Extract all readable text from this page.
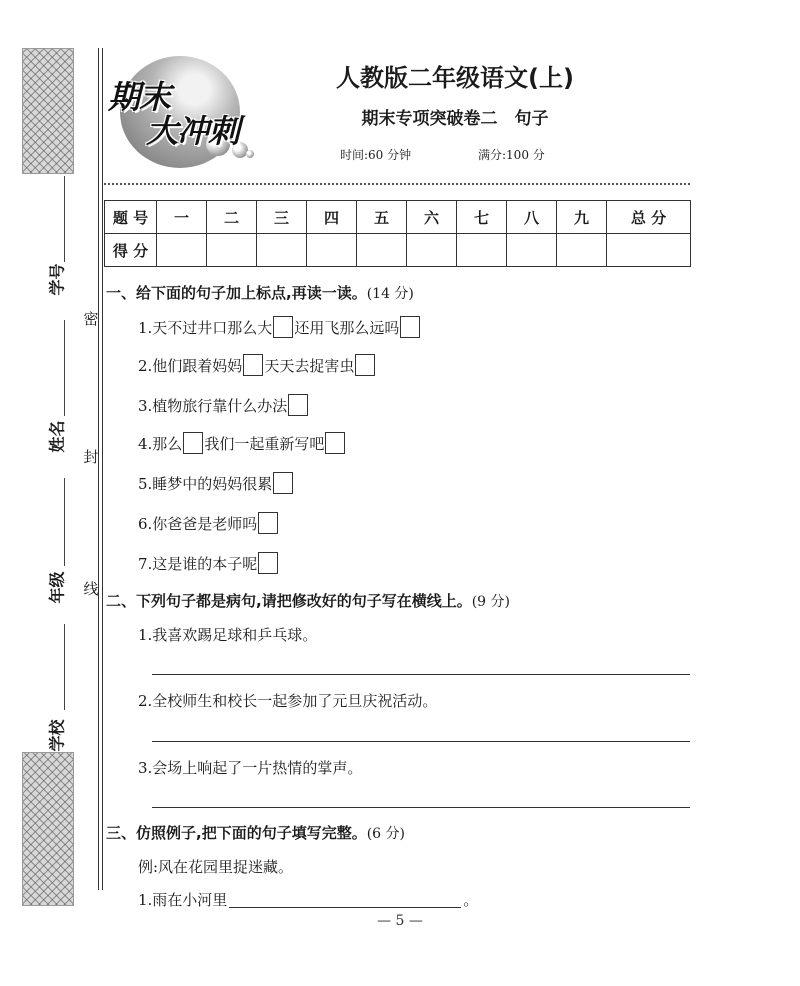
学号
姓名
年级
学校
密
封
线
期末
大冲刺
人教版二年级语文(上)
期末专项突破卷二　句子
时间:60 分钟	满分:100 分
题 号	一	二	三	四	五	六	七	八	九	总 分
得 分										
一、给下面的句子加上标点,再读一读。(14 分)
1.天不过井口那么大 还用飞那么远吗
2.他们跟着妈妈 天天去捉害虫
3.植物旅行靠什么办法
4.那么 我们一起重新写吧
5.睡梦中的妈妈很累
6.你爸爸是老师吗
7.这是谁的本子呢
二、下列句子都是病句,请把修改好的句子写在横线上。(9 分)
1.我喜欢踢足球和乒乓球。
2.全校师生和校长一起参加了元旦庆祝活动。
3.会场上响起了一片热情的掌声。
三、仿照例子,把下面的句子填写完整。(6 分)
例:风在花园里捉迷藏。
1.雨在小河里	。
— 5 —
